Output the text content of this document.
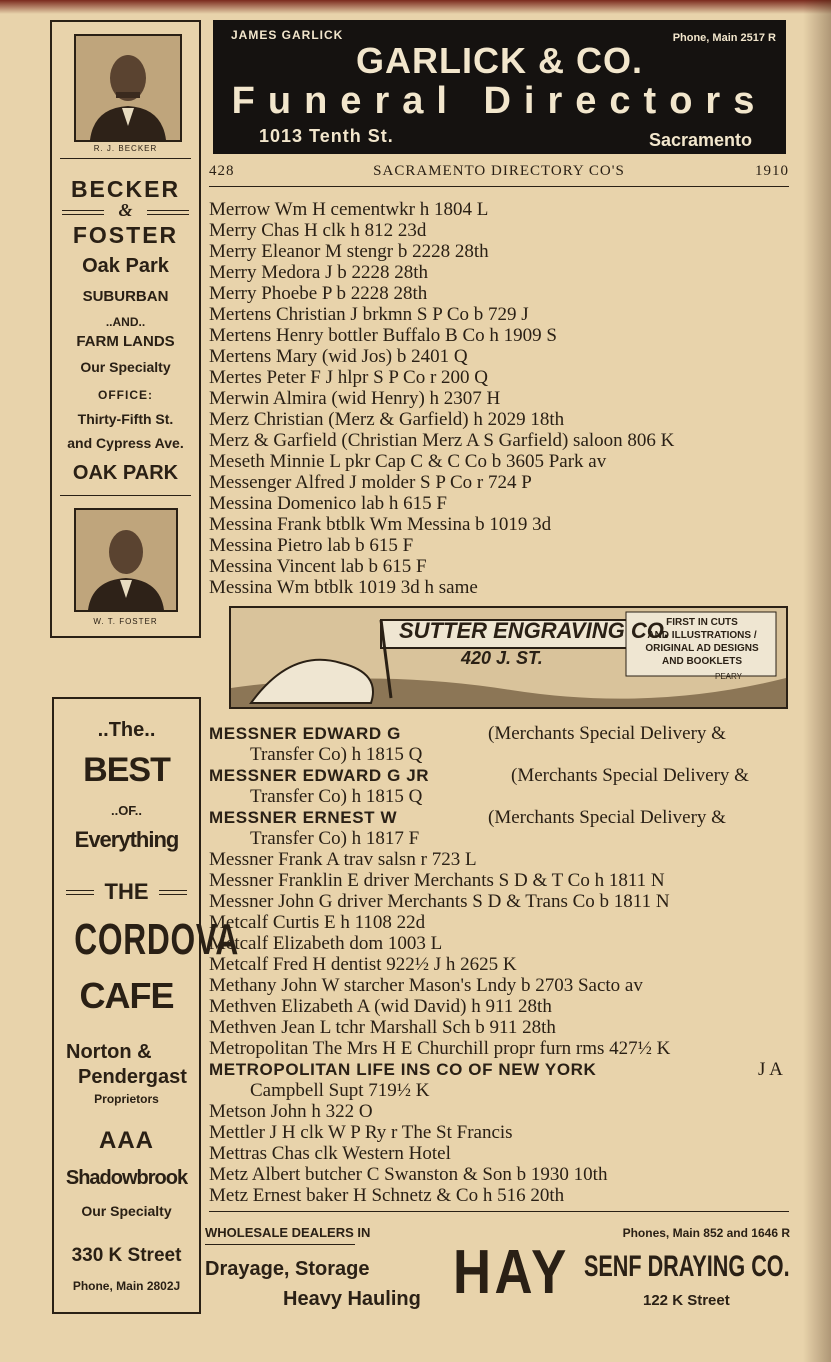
JAMES GARLICK	Phone, Main 2517 R
GARLICK & CO.
Funeral Directors
1013 Tenth St.	Sacramento
428	SACRAMENTO DIRECTORY CO'S	1910
R. J. BECKER
BECKER
&
FOSTER
Oak Park
SUBURBAN
..AND..
FARM LANDS
Our Specialty
OFFICE:
Thirty-Fifth St.
and Cypress Ave.
OAK PARK
W. T. FOSTER
Merrow Wm H cementwkr h 1804 L
Merry Chas H clk h 812 23d
Merry Eleanor M stengr b 2228 28th
Merry Medora J b 2228 28th
Merry Phoebe P b 2228 28th
Mertens Christian J brkmn S P Co b 729 J
Mertens Henry bottler Buffalo B Co h 1909 S
Mertens Mary (wid Jos) b 2401 Q
Mertes Peter F J hlpr S P Co r 200 Q
Merwin Almira (wid Henry) h 2307 H
Merz Christian (Merz & Garfield) h 2029 18th
Merz & Garfield (Christian Merz A S Garfield) saloon 806 K
Meseth Minnie L pkr Cap C & C Co b 3605 Park av
Messenger Alfred J molder S P Co r 724 P
Messina Domenico lab h 615 F
Messina Frank btblk Wm Messina b 1019 3d
Messina Pietro lab b 615 F
Messina Vincent lab b 615 F
Messina Wm btblk 1019 3d h same
SUTTER ENGRAVING CO.
420 J. ST.
FIRST IN CUTS
AND ILLUSTRATIONS /
ORIGINAL AD DESIGNS
AND BOOKLETS
PEARY
MESSNER EDWARD G	(Merchants Special Delivery &
Transfer Co) h 1815 Q
MESSNER EDWARD G JR	(Merchants Special Delivery &
Transfer Co) h 1815 Q
MESSNER ERNEST W	(Merchants Special Delivery &
Transfer Co) h 1817 F
Messner Frank A trav salsn r 723 L
Messner Franklin E driver Merchants S D & T Co h 1811 N
Messner John G driver Merchants S D & Trans Co b 1811 N
Metcalf Curtis E h 1108 22d
Metcalf Elizabeth dom 1003 L
Metcalf Fred H dentist 922½ J h 2625 K
Methany John W starcher Mason's Lndy b 2703 Sacto av
Methven Elizabeth A (wid David) h 911 28th
Methven Jean L tchr Marshall Sch b 911 28th
Metropolitan The Mrs H E Churchill propr furn rms 427½ K
METROPOLITAN LIFE INS CO OF NEW YORK	J A
Campbell Supt 719½ K
Metson John h 322 O
Mettler J H clk W P Ry r The St Francis
Mettras Chas clk Western Hotel
Metz Albert butcher C Swanston & Son b 1930 10th
Metz Ernest baker H Schnetz & Co h 516 20th
..The..
BEST
..OF..
Everything
THE
CORDOVA
CAFE
Norton &
Pendergast
Proprietors
AAA
Shadowbrook
Our Specialty
330 K Street
Phone, Main 2802J
WHOLESALE DEALERS IN	Phones, Main 852 and 1646 R
Drayage, Storage
Heavy Hauling HAY SENF DRAYING CO.
122 K Street
